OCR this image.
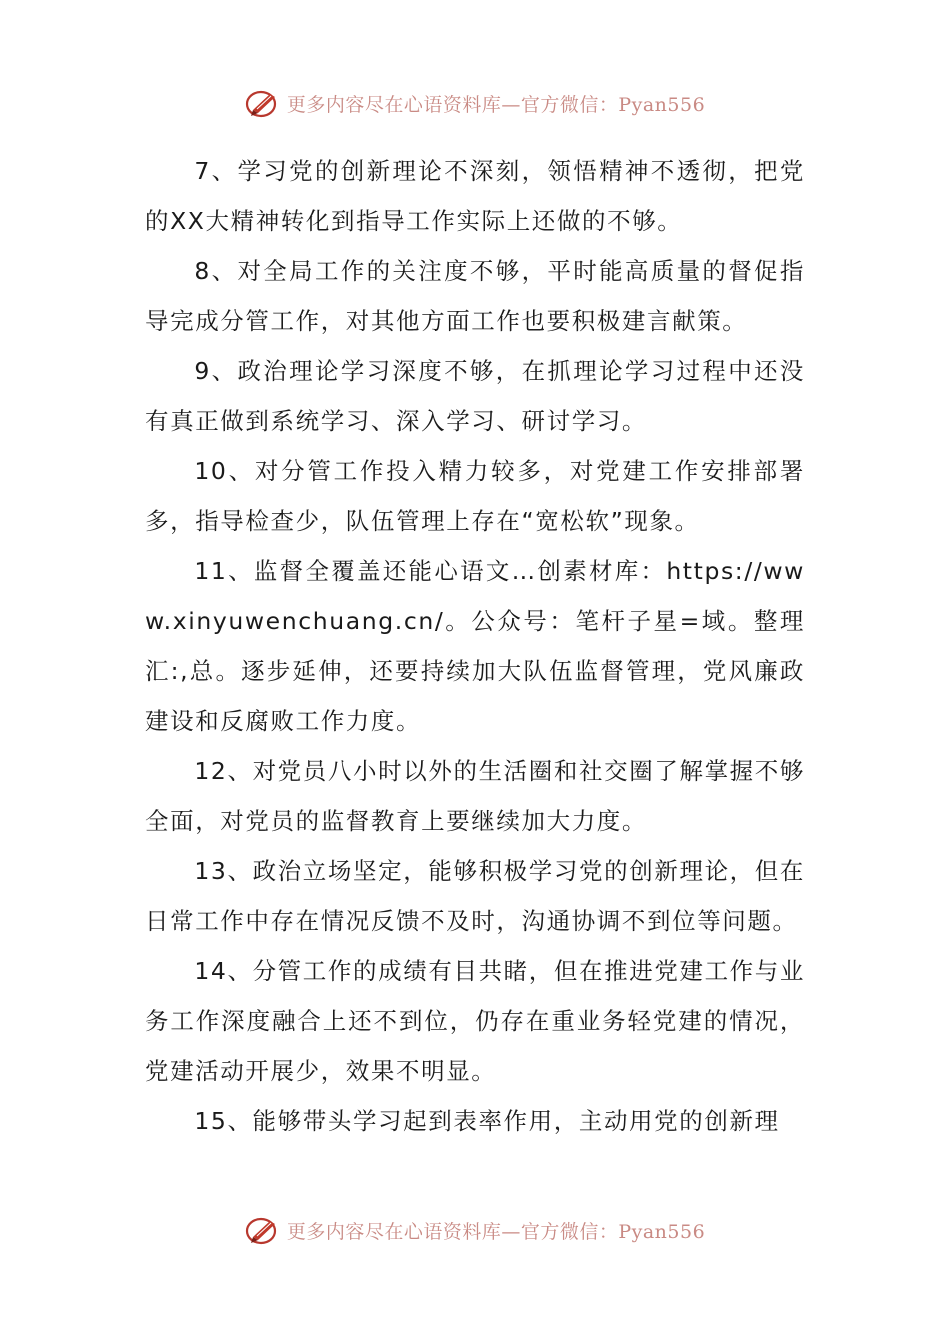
更多内容尽在心语资料库—官方微信：Pyan556

7、学习党的创新理论不深刻，领悟精神不透彻，把党的XX大精神转化到指导工作实际上还做的不够。

8、对全局工作的关注度不够，平时能高质量的督促指导完成分管工作，对其他方面工作也要积极建言献策。

9、政治理论学习深度不够，在抓理论学习过程中还没有真正做到系统学习、深入学习、研讨学习。

10、对分管工作投入精力较多，对党建工作安排部署多，指导检查少，队伍管理上存在“宽松软”现象。

11、监督全覆盖还能心语文…创素材库：https://www.xinyuwenchuang.cn/。公众号：笔杆子星=域。整理汇:,总。逐步延伸，还要持续加大队伍监督管理，党风廉政建设和反腐败工作力度。

12、对党员八小时以外的生活圈和社交圈了解掌握不够全面，对党员的监督教育上要继续加大力度。

13、政治立场坚定，能够积极学习党的创新理论，但在日常工作中存在情况反馈不及时，沟通协调不到位等问题。

14、分管工作的成绩有目共睹，但在推进党建工作与业务工作深度融合上还不到位，仍存在重业务轻党建的情况，党建活动开展少，效果不明显。

15、能够带头学习起到表率作用，主动用党的创新理

更多内容尽在心语资料库—官方微信：Pyan556
